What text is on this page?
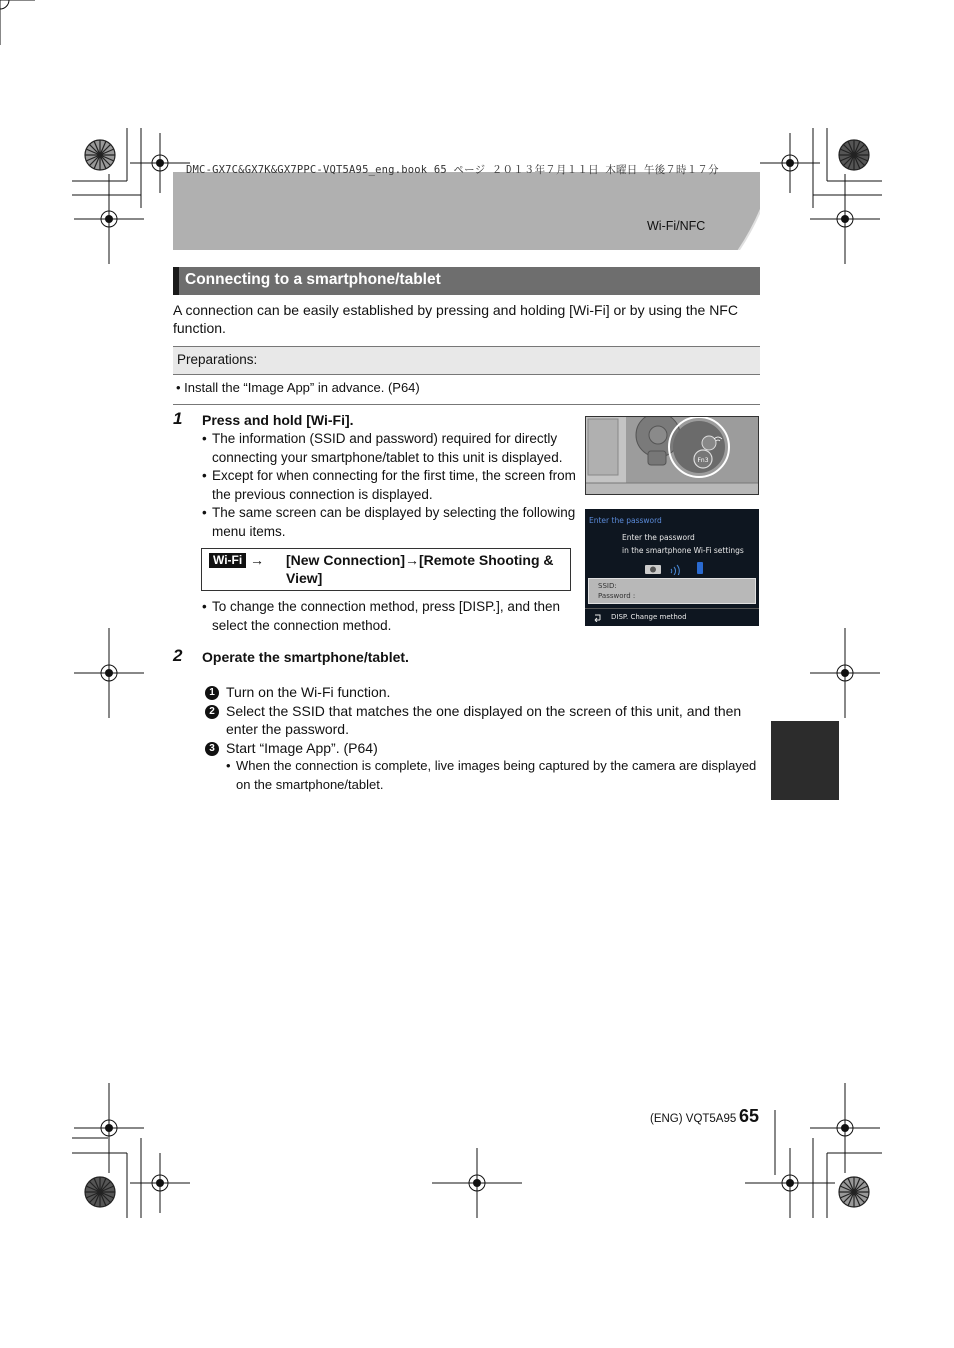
DMC-GX7C&GX7K&GX7PPC-VQT5A95_eng.book 65 ページ ２０１３年７月１１日 木曜日 午後７時１７分
Wi-Fi/NFC
Connecting to a smartphone/tablet
A connection can be easily established by pressing and holding [Wi-Fi] or by using the NFC function.
Preparations:
• Install the “Image App” in advance. (P64)
1 Press and hold [Wi-Fi].
• The information (SSID and password) required for directly connecting your smartphone/tablet to this unit is displayed.
• Except for when connecting for the first time, the screen from the previous connection is displayed.
• The same screen can be displayed by selecting the following menu items.
Wi-Fi → [New Connection]→[Remote Shooting & View]
• To change the connection method, press [DISP.], and then select the connection method.
Fn3
Enter the password
Enter the password
in the smartphone Wi-Fi settings
SSID:
Password :
DISP. Change method
2 Operate the smartphone/tablet.
1 Turn on the Wi-Fi function.
2 Select the SSID that matches the one displayed on the screen of this unit, and then enter the password.
3 Start “Image App”. (P64)
• When the connection is complete, live images being captured by the camera are displayed on the smartphone/tablet.
(ENG) VQT5A95 65
